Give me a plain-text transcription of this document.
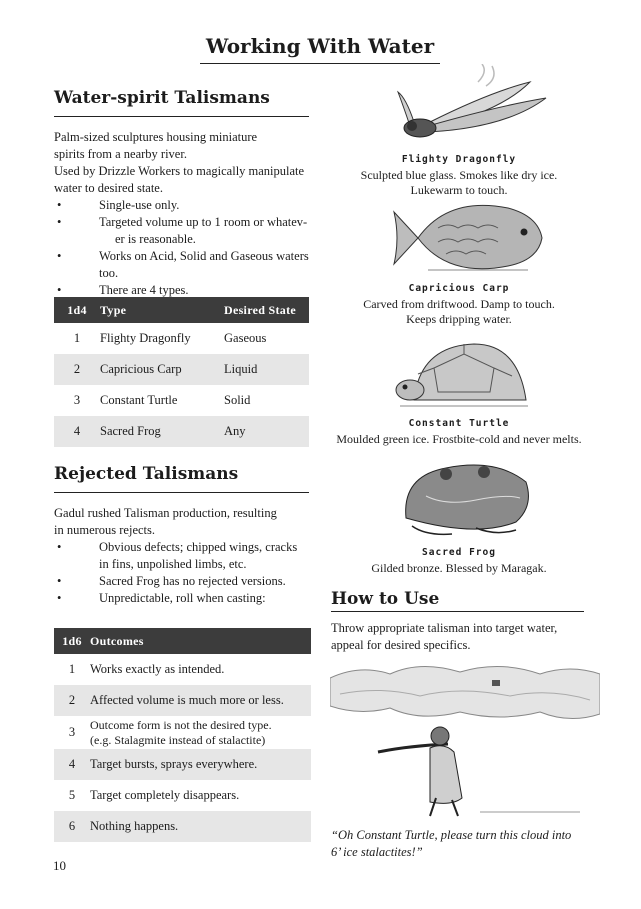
Working With Water
Water-spirit Talismans
Palm-sized sculptures housing miniature
spirits from a nearby river.
Used by Drizzle Workers to magically manipulate
water to desired state.
• Single-use only.
• Targeted volume up to 1 room or whatev-
er is reasonable.
• Works on Acid, Solid and Gaseous waters too.
• There are 4 types.
1d4	Type	Desired State
1	Flighty Dragonfly	Gaseous
2	Capricious Carp	Liquid
3	Constant Turtle	Solid
4	Sacred Frog	Any
Rejected Talismans
Gadul rushed Talisman production, resulting
in numerous rejects.
• Obvious defects; chipped wings, cracks
in fins, unpolished limbs, etc.
• Sacred Frog has no rejected versions.
• Unpredictable, roll when casting:
1d6	Outcomes
1	Works exactly as intended.
2	Affected volume is much more or less.
3	Outcome form is not the desired type.
(e.g. Stalagmite instead of stalactite)

4	Target bursts, sprays everywhere.
5	Target completely disappears.
6	Nothing happens.
Flighty Dragonfly
Sculpted blue glass. Smokes like dry ice.
Lukewarm to touch.
Capricious Carp
Carved from driftwood. Damp to touch.
Keeps dripping water.
Constant Turtle
Moulded green ice. Frostbite-cold and never melts.
Sacred Frog
Gilded bronze. Blessed by Maragak.
How to Use
Throw appropriate talisman into target water,
appeal for desired specifics.
“Oh Constant Turtle, please turn this cloud into
6’ ice stalactites!”
10
